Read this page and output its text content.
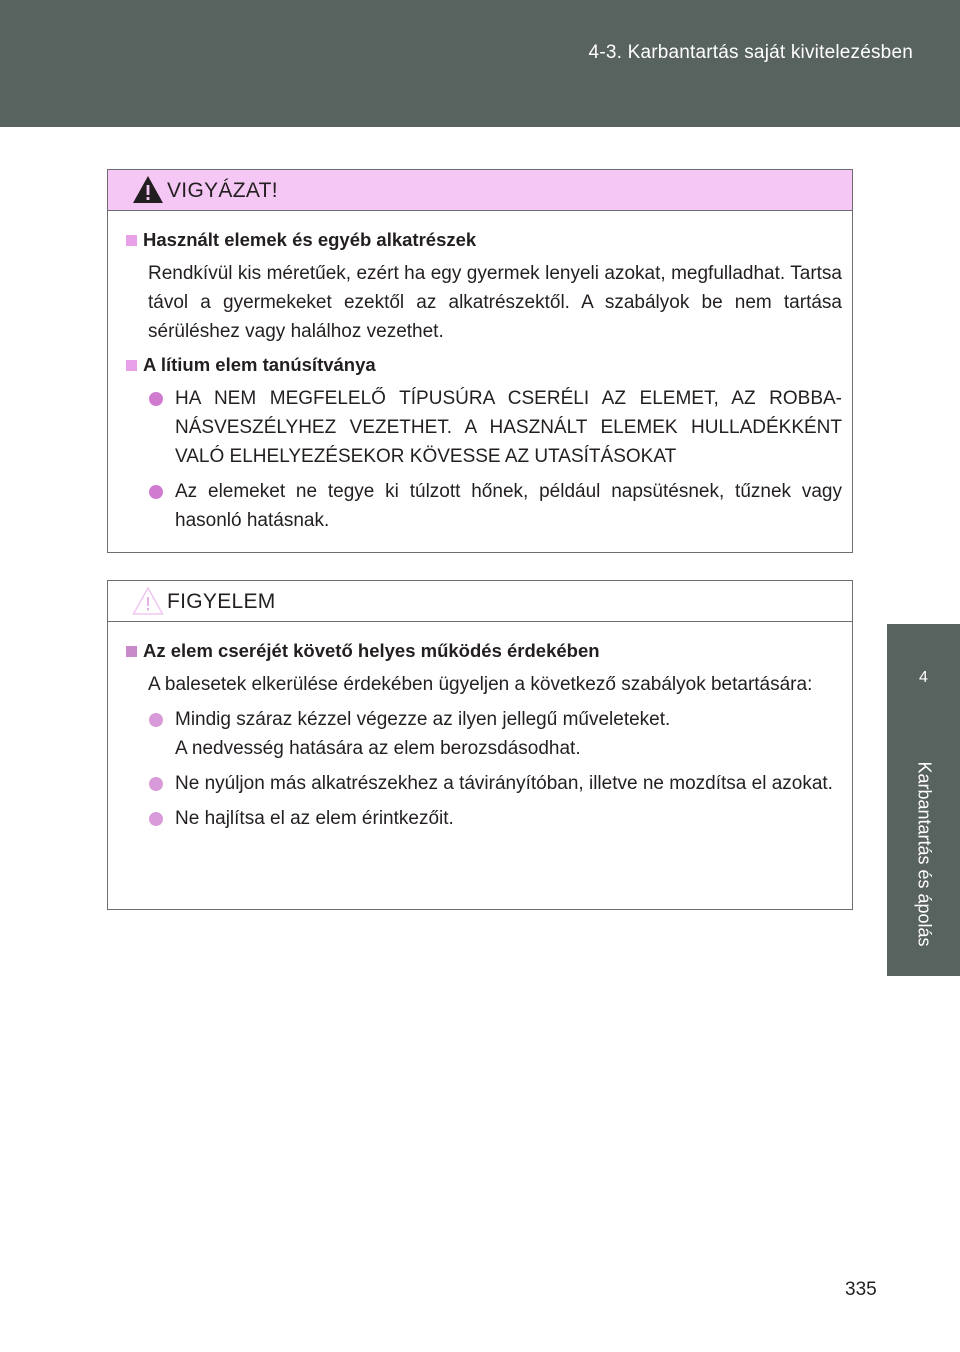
4-3. Karbantartás saját kivitelezésben
4
Karbantartás és ápolás
VIGYÁZAT!
Használt elemek és egyéb alkatrészek
Rendkívül kis méretűek, ezért ha egy gyermek lenyeli azokat, megfulladhat. Tartsa távol a gyermekeket ezektől az alkatrészektől. A szabályok be nem tartása sérüléshez vagy halálhoz vezethet.
A lítium elem tanúsítványa
HA NEM MEGFELELŐ TÍPUSÚRA CSERÉLI AZ ELEMET, AZ ROBBANÁSVESZÉLYHEZ VEZETHET. A HASZNÁLT ELEMEK HULLADÉKKÉNT VALÓ ELHELYEZÉSEKOR KÖVESSE AZ UTASÍTÁSOKAT
Az elemeket ne tegye ki túlzott hőnek, például napsütésnek, tűznek vagy hasonló hatásnak.
FIGYELEM
Az elem cseréjét követő helyes működés érdekében
A balesetek elkerülése érdekében ügyeljen a következő szabályok betartására:
Mindig száraz kézzel végezze az ilyen jellegű műveleteket.
A nedvesség hatására az elem berozsdásodhat.
Ne nyúljon más alkatrészekhez a távirányítóban, illetve ne mozdítsa el azokat.
Ne hajlítsa el az elem érintkezőit.
335
